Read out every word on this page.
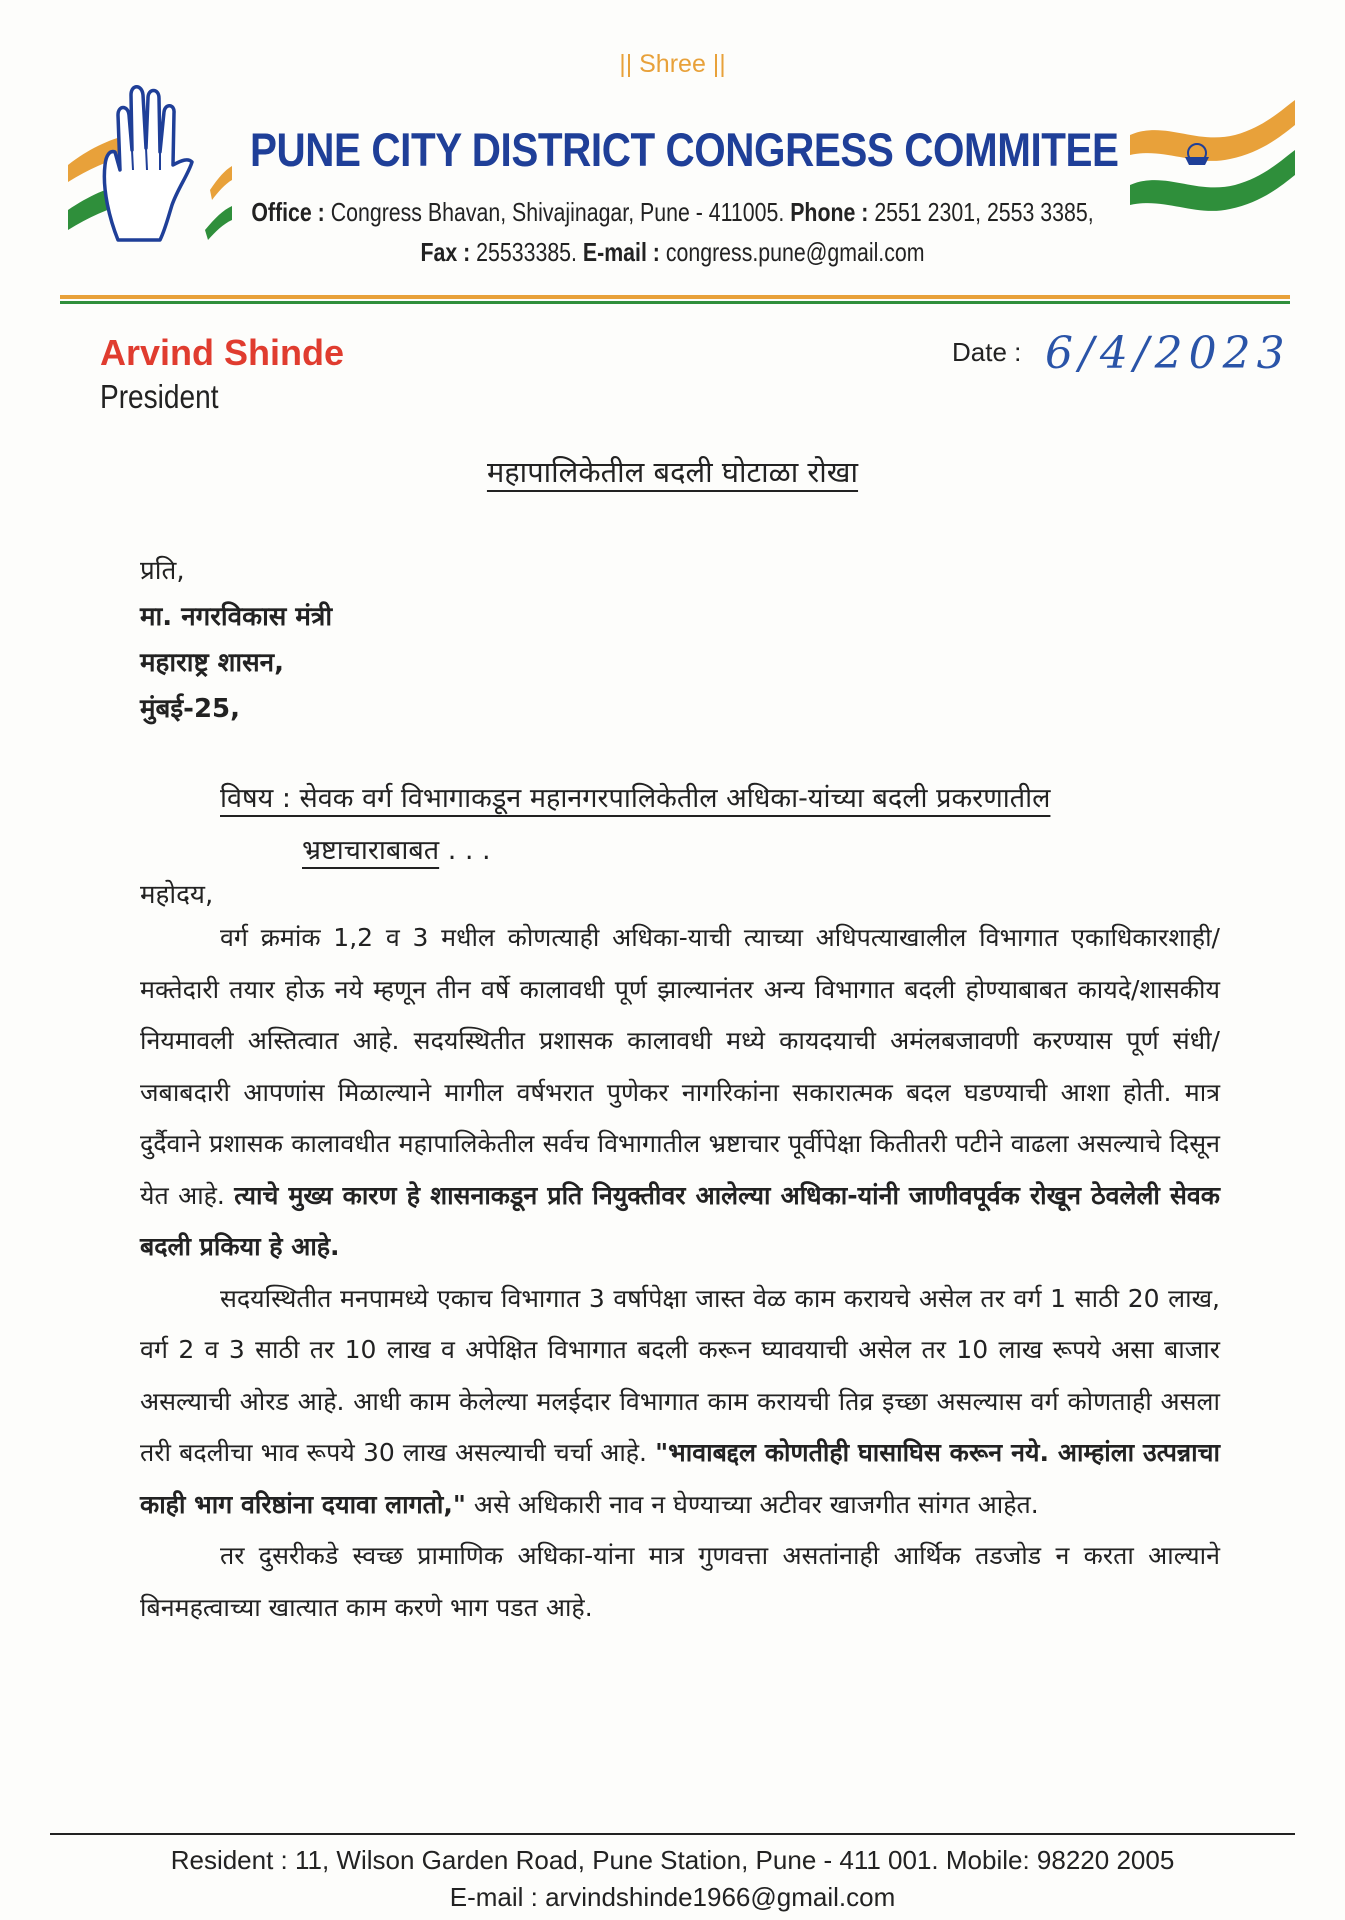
|| Shree ||
PUNE CITY DISTRICT CONGRESS COMMITEE
Office : Congress Bhavan, Shivajinagar, Pune - 411005. Phone : 2551 2301, 2553 3385,
Fax : 25533385. E-mail : congress.pune@gmail.com
Arvind Shinde
President
Date : 6/4/2023
महापालिकेतील बदली घोटाळा रोखा
प्रति,
मा. नगरविकास मंत्री
महाराष्ट्र शासन,
मुंबई-25,
विषय : सेवक वर्ग विभागाकडून महानगरपालिकेतील अधिका-यांच्या बदली प्रकरणातील
भ्रष्टाचाराबाबत . . .
महोदय,

वर्ग क्रमांक 1,2 व 3 मधील कोणत्याही अधिका-याची त्याच्या अधिपत्याखालील विभागात एकाधिकारशाही/मक्तेदारी तयार होऊ नये म्हणून तीन वर्षे कालावधी पूर्ण झाल्यानंतर अन्य विभागात बदली होण्याबाबत कायदे/शासकीय नियमावली अस्तित्वात आहे. सदयस्थितीत प्रशासक कालावधी मध्ये कायदयाची अमंलबजावणी करण्यास पूर्ण संधी/जबाबदारी आपणांस मिळाल्याने मागील वर्षभरात पुणेकर नागरिकांना सकारात्मक बदल घडण्याची आशा होती. मात्र दुर्दैवाने प्रशासक कालावधीत महापालिकेतील सर्वच विभागातील भ्रष्टाचार पूर्वीपेक्षा कितीतरी पटीने वाढला असल्याचे दिसून येत आहे. त्याचे मुख्य कारण हे शासनाकडून प्रति नियुक्तीवर आलेल्या अधिका-यांनी जाणीवपूर्वक रोखून ठेवलेली सेवक बदली प्रकिया हे आहे.

सदयस्थितीत मनपामध्ये एकाच विभागात 3 वर्षापेक्षा जास्त वेळ काम करायचे असेल तर वर्ग 1 साठी 20 लाख, वर्ग 2 व 3 साठी तर 10 लाख व अपेक्षित विभागात बदली करून घ्यावयाची असेल तर 10 लाख रूपये असा बाजार असल्याची ओरड आहे. आधी काम केलेल्या मलईदार विभागात काम करायची तिव्र इच्छा असल्यास वर्ग कोणताही असला तरी बदलीचा भाव रूपये 30 लाख असल्याची चर्चा आहे. "भावाबद्दल कोणतीही घासाघिस करून नये. आम्हांला उत्पन्नाचा काही भाग वरिष्ठांना दयावा लागतो," असे अधिकारी नाव न घेण्याच्या अटीवर खाजगीत सांगत आहेत.

तर दुसरीकडे स्वच्छ प्रामाणिक अधिका-यांना मात्र गुणवत्ता असतांनाही आर्थिक तडजोड न करता आल्याने बिनमहत्वाच्या खात्यात काम करणे भाग पडत आहे.

Resident : 11, Wilson Garden Road, Pune Station, Pune - 411 001. Mobile: 98220 2005
E-mail : arvindshinde1966@gmail.com
